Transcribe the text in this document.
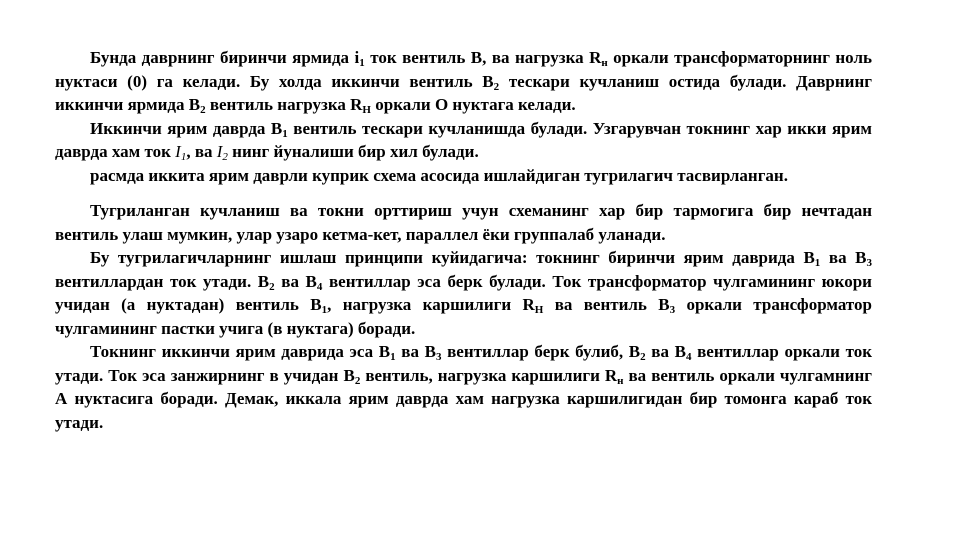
Бунда даврнинг биринчи ярмида $i_1$ ток вентиль В, ва нагрузка $R_н$ оркали трансформаторнинг ноль нуктаси (0) га келади. Бу холда иккинчи вентиль $В_2$ тескари кучланиш остида булади. Даврнинг иккинчи ярмида $В_2$ вентиль нагрузка $R_Н$ оркали О нуктага келади.

Иккинчи ярим даврда $В_1$ вентиль тескари кучланишда булади. Узгарувчан токнинг хар икки ярим даврда хам ток $I_1$, ва $I_2$ нинг йуналиши бир хил булади.

расмда иккита ярим даврли куприк схема асосида ишлайдиган тугрилагич тасвирланган.

Тугриланган кучланиш ва токни орттириш учун схеманинг хар бир тармогига бир нечтадан вентиль улаш мумкин, улар узаро кетма-кет, параллел ёки группалаб уланади.

Бу тугрилагичларнинг ишлаш принципи куйидагича: токнинг биринчи ярим даврида $В_1$ ва $В_3$ вентиллардан ток утади. $В_2$ ва $В_4$ вентиллар эса берк булади. Ток трансформатор чулгамининг юкори учидан (а нуктадан) вентиль $В_1$, нагрузка каршилиги $R_Н$ ва вентиль $В_3$ оркали трансформатор чулгамининг пастки учига (в нуктага) боради.

Токнинг иккинчи ярим даврида эса $В_1$ ва $В_3$ вентиллар берк булиб, $В_2$ ва $В_4$ вентиллар оркали ток утади. Ток эса занжирнинг в учидан $В_2$ вентиль, нагрузка каршилиги $R_н$ ва вентиль оркали чулгамнинг А нуктасига боради. Демак, иккала ярим даврда хам нагрузка каршилигидан бир томонга караб ток утади.
